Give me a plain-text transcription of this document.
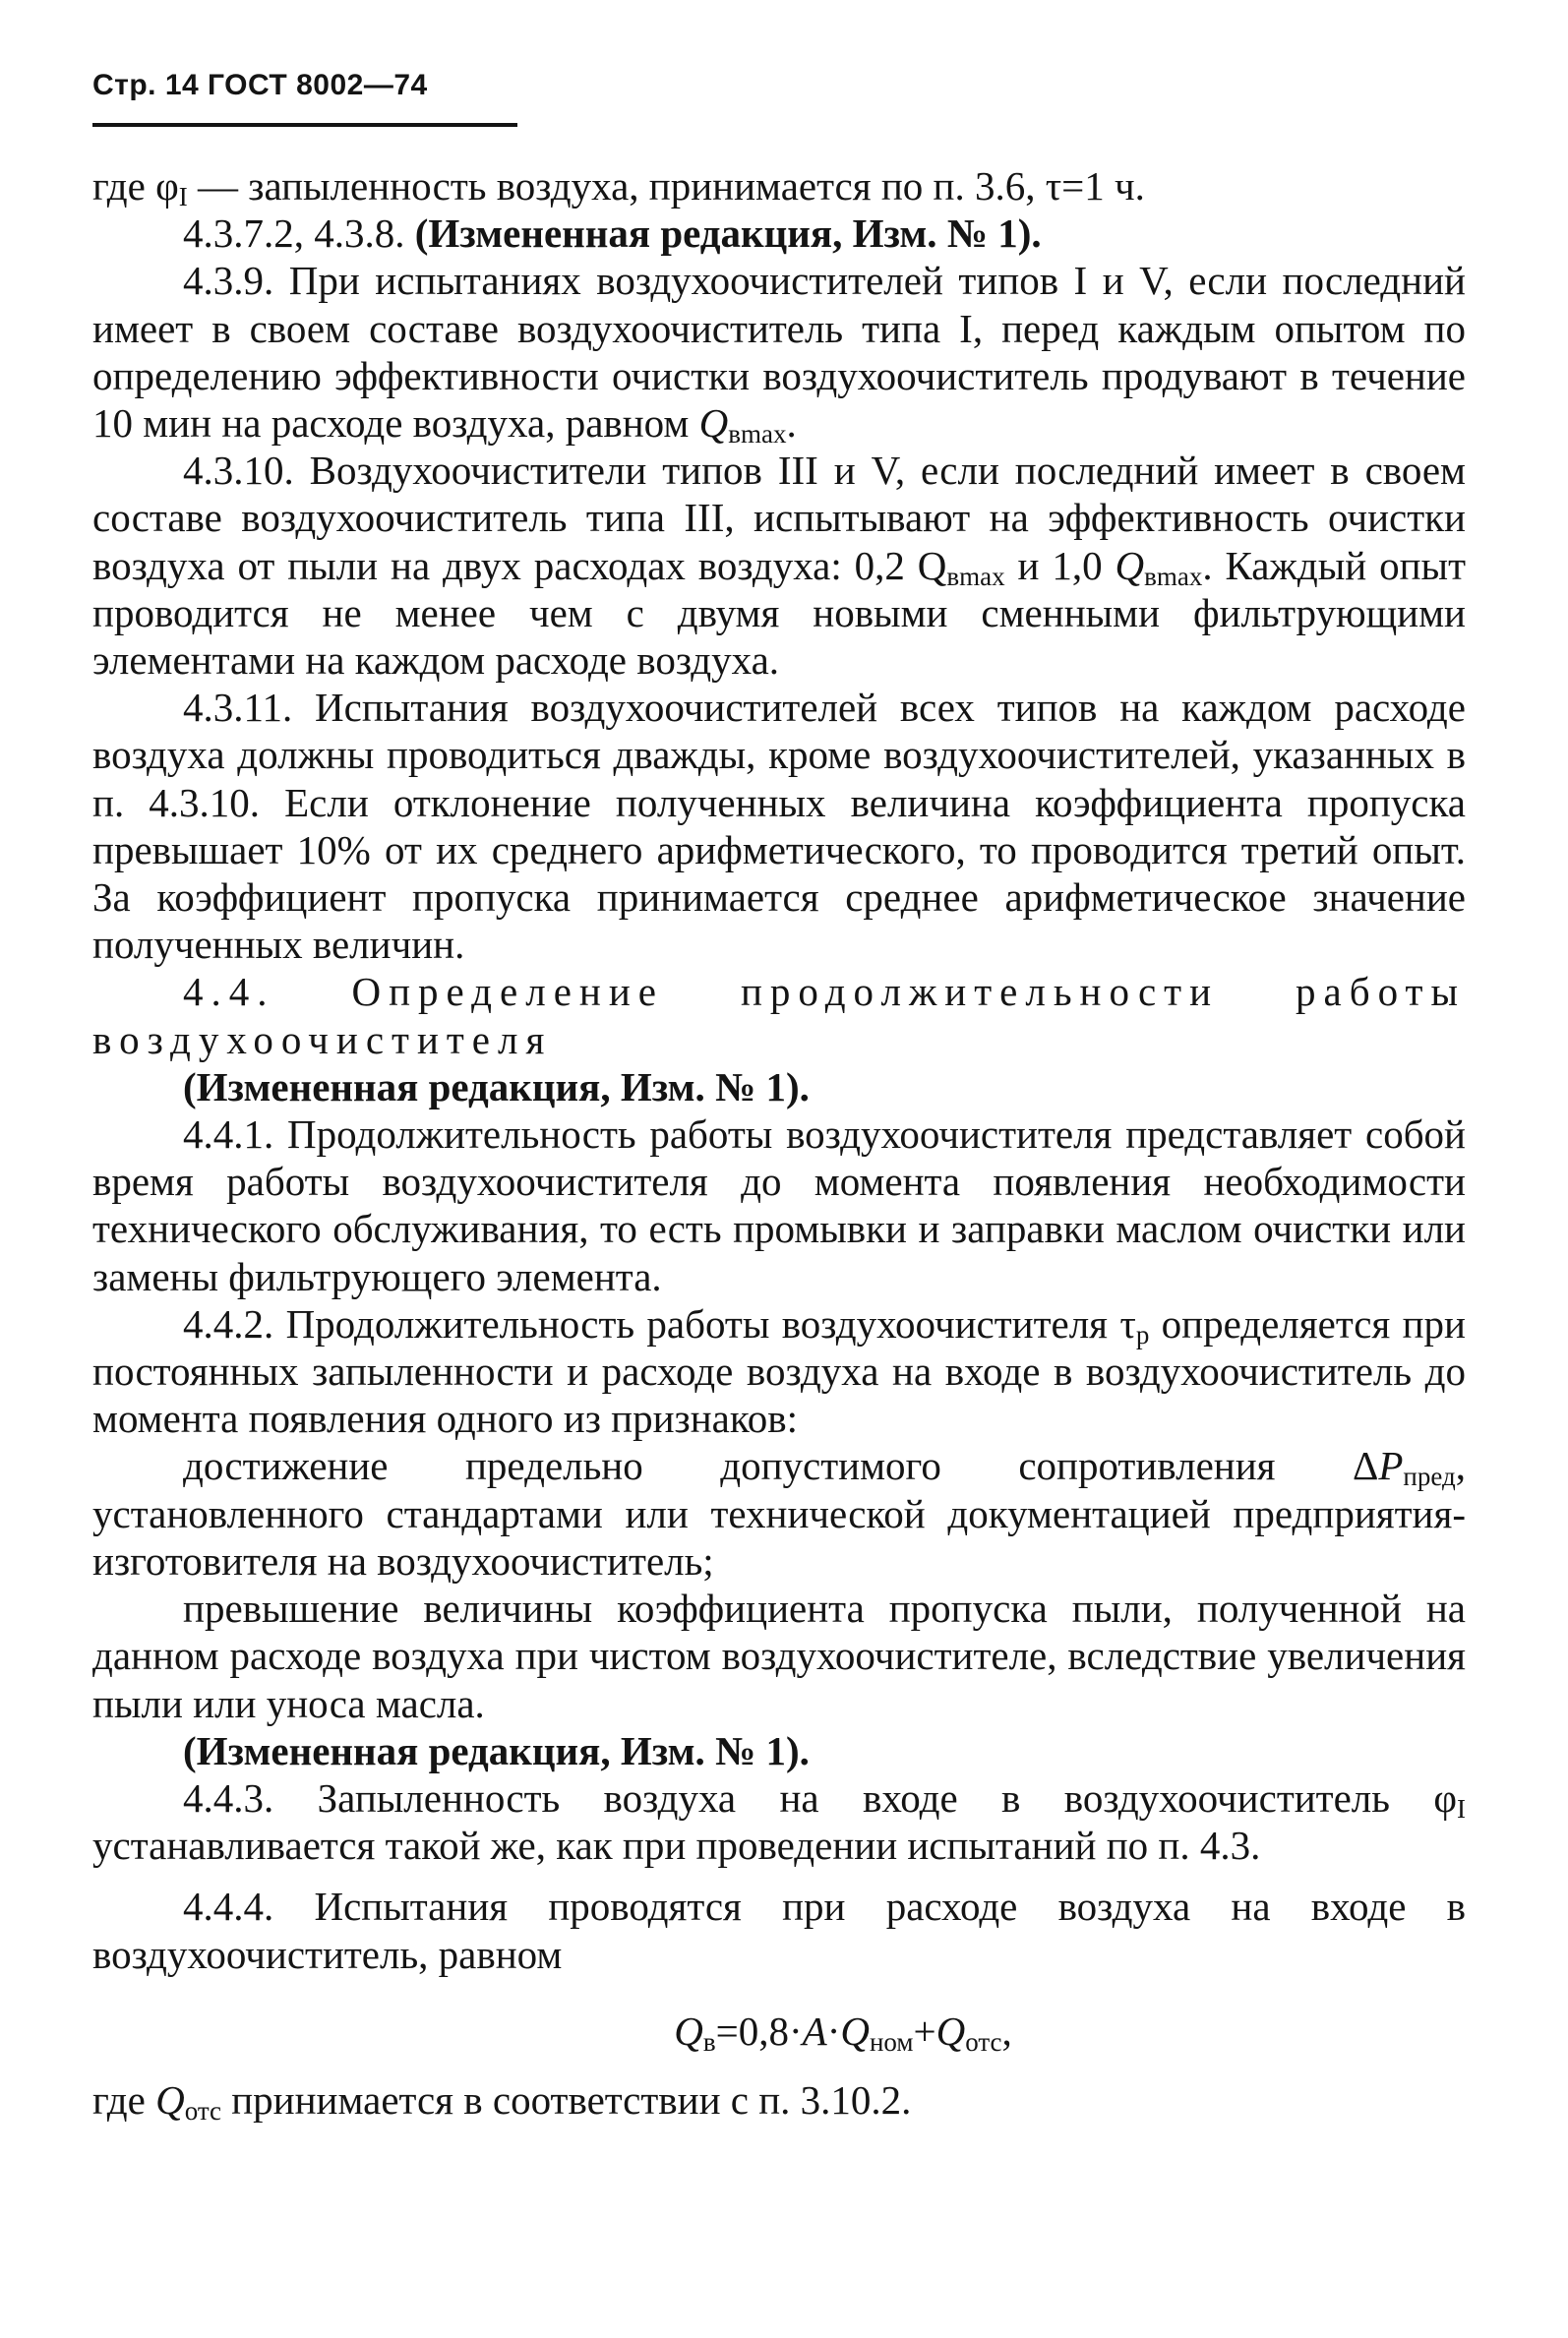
Стр. 14 ГОСТ 8002—74

где $\varphi_I$ — запыленность воздуха, принимается по п. 3.6, τ=1 ч.

4.3.7.2, 4.3.8. (Измененная редакция, Изм. № 1).

4.3.9. При испытаниях воздухоочистителей типов I и V, если последний имеет в своем составе воздухоочиститель типа I, перед каждым опытом по определению эффективности очистки воздухоочиститель продувают в течение 10 мин на расходе воздуха, равном $Q_{вmax}$.

4.3.10. Воздухоочистители типов III и V, если последний имеет в своем составе воздухоочиститель типа III, испытывают на эффективность очистки воздуха от пыли на двух расходах воздуха: 0,2 $Q_{вmax}$ и 1,0 $Q_{вmax}$. Каждый опыт проводится не менее чем с двумя новыми сменными фильтрующими элементами на каждом расходе воздуха.

4.3.11. Испытания воздухоочистителей всех типов на каждом расходе воздуха должны проводиться дважды, кроме воздухоочистителей, указанных в п. 4.3.10. Если отклонение полученных величина коэффициента пропуска превышает 10% от их среднего арифметического, то проводится третий опыт. За коэффициент пропуска принимается среднее арифметическое значение полученных величин.

4.4. Определение продолжительности работы воздухоочистителя

(Измененная редакция, Изм. № 1).

4.4.1. Продолжительность работы воздухоочистителя представляет собой время работы воздухоочистителя до момента появления необходимости технического обслуживания, то есть промывки и заправки маслом очистки или замены фильтрующего элемента.

4.4.2. Продолжительность работы воздухоочистителя $\tau_р$ определяется при постоянных запыленности и расходе воздуха на входе в воздухоочиститель до момента появления одного из признаков:

достижение предельно допустимого сопротивления $\Delta P_{пред}$, установленного стандартами или технической документацией предприятия-изготовителя на воздухоочиститель;

превышение величины коэффициента пропуска пыли, полученной на данном расходе воздуха при чистом воздухоочистителе, вследствие увеличения пыли или уноса масла.

(Измененная редакция, Изм. № 1).

4.4.3. Запыленность воздуха на входе в воздухоочиститель $\varphi_I$ устанавливается такой же, как при проведении испытаний по п. 4.3.

4.4.4. Испытания проводятся при расходе воздуха на входе в воздухоочиститель, равном

$Q_в=0,8\cdot A\cdot Q_{ном}+Q_{отс}$,

где $Q_{отс}$ принимается в соответствии с п. 3.10.2.
